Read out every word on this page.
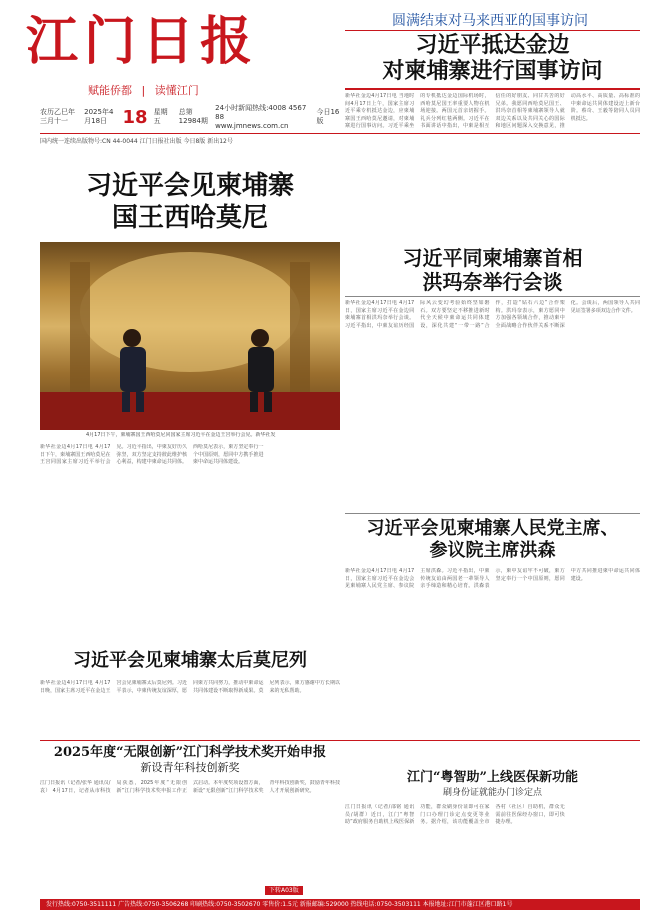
江门日报
赋能侨都 | 读懂江门
农历乙巳年三月十一
2025年4月18日 18 星期五
总第
12984期
24小时新闻热线:4008 4567 88
www.jmnews.com.cn
今日16版
国内统一连续出版物号:CN 44-0044 江门日报社出版 今日8版 新出12号
圆满结束对马来西亚的国事访问
习近平抵达金边
对柬埔寨进行国事访问
新华社金边4月17日电 当地时间4月17日上午，国家主席习近平乘专机抵达金边，应柬埔寨国王西哈莫尼邀请，对柬埔寨进行国事访问。习近平乘坐的专机抵达金边国际机场时，西哈莫尼国王率重要人物在机场迎接。两国元首亲切握手。礼兵分列红毯两侧。习近平在书面讲话中指出，中柬是相互信任的好朋友、同甘共苦的好兄弟。我愿同西哈莫尼国王、洪玛奈首相等柬埔寨领导人就双边关系以及共同关心的国际和地区问题深入交换意见，推动高水平、高质量、高标准的中柬命运共同体建设迈上新台阶。蔡奇、王毅等陪同人员同机抵达。
习近平会见柬埔寨
国王西哈莫尼
4月17日下午，柬埔寨国王西哈莫尼同国家主席习近平在金边王宫举行会见。新华社发
新华社金边4月17日电 4月17日下午，柬埔寨国王西哈莫尼在王宫同国家主席习近平举行会见。习近平指出，中柬友好历久弥坚，双方坚定支持彼此维护核心利益，构建中柬命运共同体。西哈莫尼表示，柬方坚定奉行一个中国原则，愿同中方携手推进柬中命运共同体建设。
习近平会见柬埔寨太后莫尼列
新华社金边4月17日电 4月17日晚，国家主席习近平在金边王宫会见柬埔寨太后莫尼列。习近平表示，中柬传统友谊深厚，愿同柬方共同努力，推动中柬命运共同体建设不断取得新成果。莫尼列表示，柬方感谢中方长期以来的无私帮助。
习近平同柬埔寨首相
洪玛奈举行会谈
新华社金边4月17日电 4月17日，国家主席习近平在金边同柬埔寨首相洪玛奈举行会谈。习近平指出，中柬友谊历经国际风云变幻考验始终坚如磐石。双方要坚定不移推进新时代全天候中柬命运共同体建设，深化共建“一带一路”合作，打造“钻石六边”合作架构。洪玛奈表示，柬方愿同中方加强各领域合作，推动柬中全面战略合作伙伴关系不断深化。会谈后，两国领导人共同见证签署多项双边合作文件。
习近平会见柬埔寨人民党主席、
参议院主席洪森
新华社金边4月17日电 4月17日，国家主席习近平在金边会见柬埔寨人民党主席、参议院主席洪森。习近平指出，中柬传统友谊由两国老一辈领导人亲手缔造和精心培育。洪森表示，柬中友谊牢不可破，柬方坚定奉行一个中国原则，愿同中方共同推进柬中命运共同体建设。
2025年度“无限创新”江门科学技术奖开始申报
新设青年科技创新奖
江门日报讯（记者/张华 通讯员/袁） 4月17日，记者从市科技局获悉，2025年度“无限创新”江门科学技术奖申报工作正式启动。本年度奖项设置方面，新设“无限创新”江门科学技术奖青年科技创新奖，鼓励青年科技人才开展创新研究。
下转A03版
江门“粤智助”上线医保新功能
刷身份证就能办门诊定点
江门日报讯（记者/邵铭 通讯员/胡群）近日，江门“粤智助”政府服务自助机上线医保新功能，群众刷身份证即可在家门口办理门诊定点变更等业务。据介绍，该功能覆盖全市各村（社区）自助机，群众无需前往医保经办窗口，即可快捷办理。
发行热线:0750-3511111 广告热线:0750-3506268 印刷热线:0750-3502670 零售价:1.5元 新报邮编:529000 热线电话:0750-3503111 本报地址:江门市蓬江区港口路1号
